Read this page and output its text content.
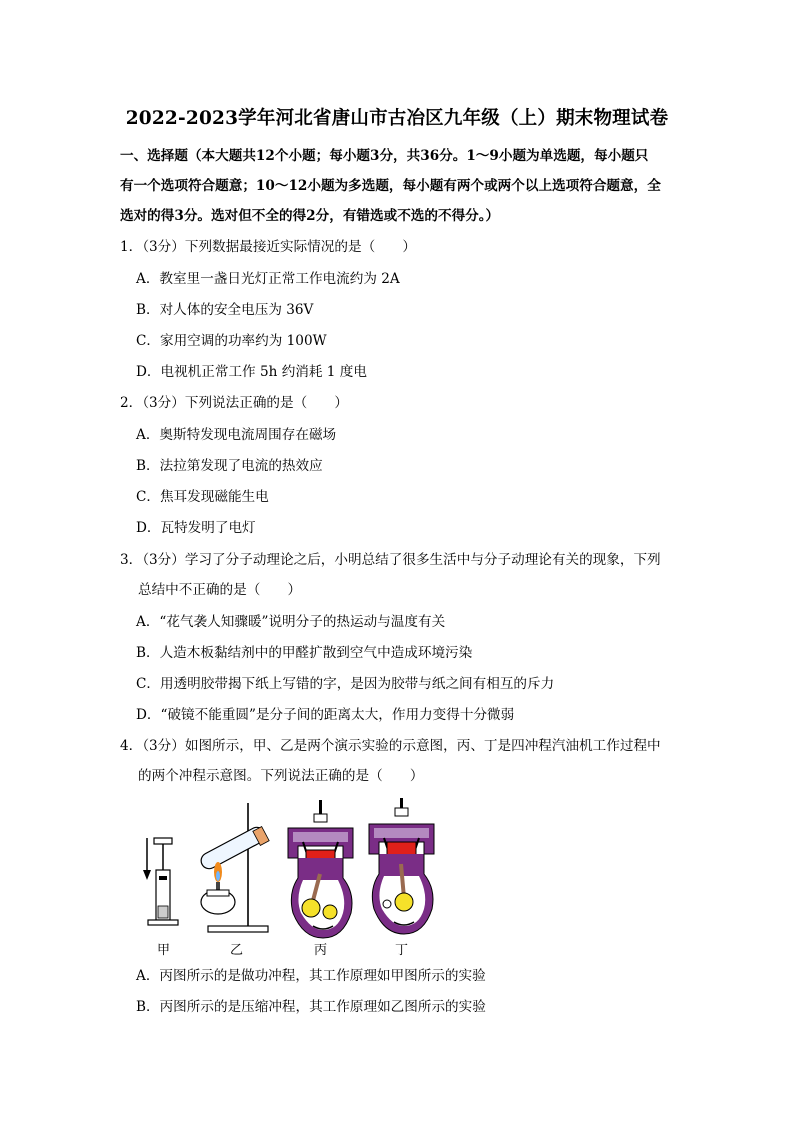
2022-2023学年河北省唐山市古冶区九年级（上）期末物理试卷
一、选择题（本大题共12个小题；每小题3分，共36分。1～9小题为单选题，每小题只
有一个选项符合题意；10～12小题为多选题，每小题有两个或两个以上选项符合题意，全
选对的得3分。选对但不全的得2分，有错选或不选的不得分。）
1．（3分）下列数据最接近实际情况的是（　　）
A．教室里一盏日光灯正常工作电流约为 2A
B．对人体的安全电压为 36V
C．家用空调的功率约为 100W
D．电视机正常工作 5h 约消耗 1 度电
2．（3分）下列说法正确的是（　　）
A．奥斯特发现电流周围存在磁场
B．法拉第发现了电流的热效应
C．焦耳发现磁能生电
D．瓦特发明了电灯
3．（3分）学习了分子动理论之后，小明总结了很多生活中与分子动理论有关的现象，下列
总结中不正确的是（　　）
A．“花气袭人知骤暖”说明分子的热运动与温度有关
B．人造木板黏结剂中的甲醛扩散到空气中造成环境污染
C．用透明胶带揭下纸上写错的字，是因为胶带与纸之间有相互的斥力
D．“破镜不能重圆”是分子间的距离太大，作用力变得十分微弱
4．（3分）如图所示，甲、乙是两个演示实验的示意图，丙、丁是四冲程汽油机工作过程中
的两个冲程示意图。下列说法正确的是（　　）
甲	乙	丙	丁
A．丙图所示的是做功冲程，其工作原理如甲图所示的实验
B．丙图所示的是压缩冲程，其工作原理如乙图所示的实验
